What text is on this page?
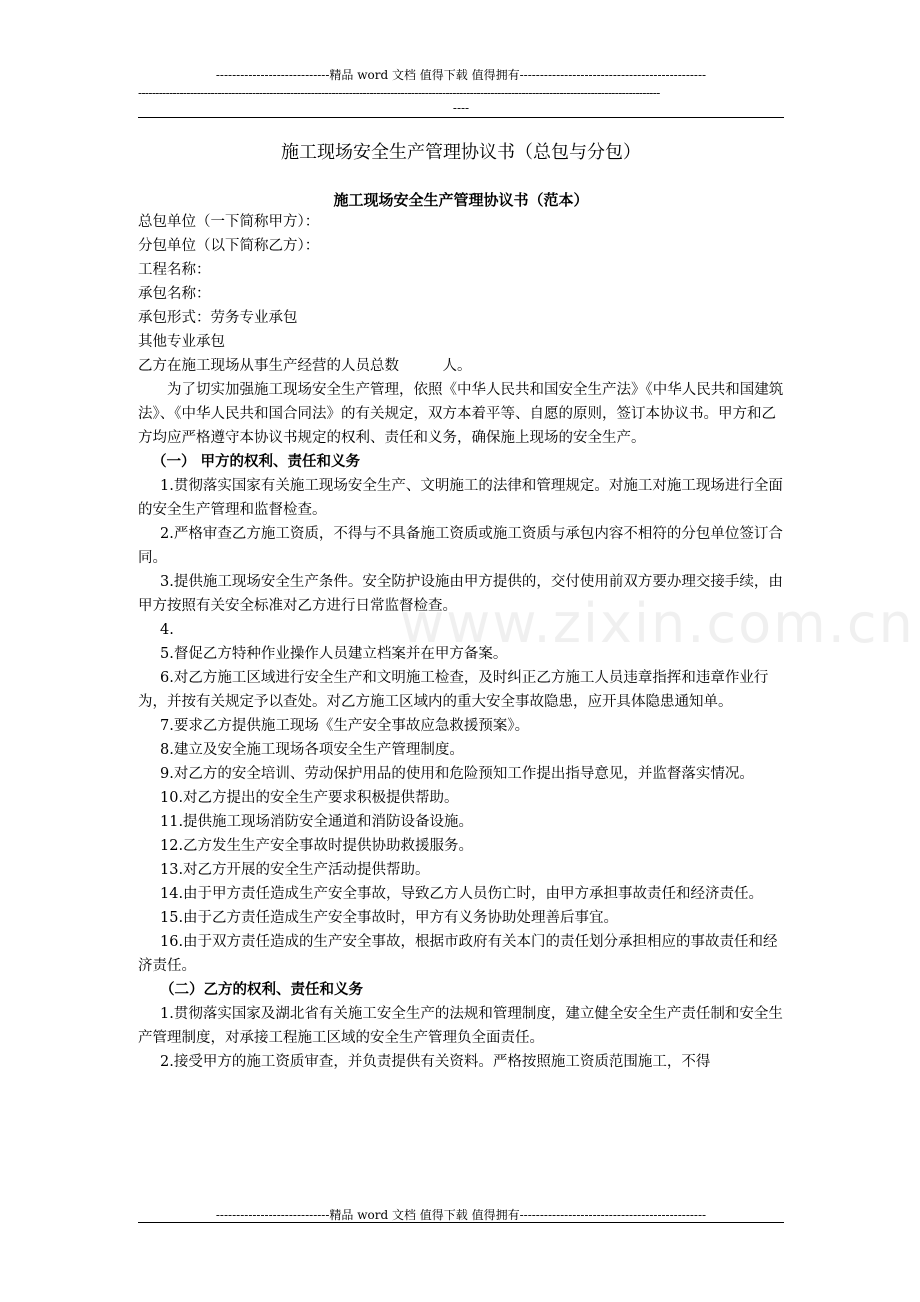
----------------------------精品 word 文档 值得下载 值得拥有----------------------------------------------
-------------------------------------------------------------------------------------------------------------------------------------------------------
----
www.zixin.com.cn
施工现场安全生产管理协议书（总包与分包）
施工现场安全生产管理协议书（范本）

总包单位（一下简称甲方）：

分包单位（以下简称乙方）：

工程名称：

承包名称：

承包形式：劳务专业承包

其他专业承包

乙方在施工现场从事生产经营的人员总数　　　人。

为了切实加强施工现场安全生产管理，依照《中华人民共和国安全生产法》《中华人民共和国建筑法》、《中华人民共和国合同法》的有关规定，双方本着平等、自愿的原则，签订本协议书。甲方和乙方均应严格遵守本协议书规定的权利、责任和义务，确保施上现场的安全生产。

（一） 甲方的权利、责任和义务

1.贯彻落实国家有关施工现场安全生产、文明施工的法律和管理规定。对施工对施工现场进行全面的安全生产管理和监督检查。

2.严格审查乙方施工资质，不得与不具备施工资质或施工资质与承包内容不相符的分包单位签订合同。

3.提供施工现场安全生产条件。安全防护设施由甲方提供的，交付使用前双方要办理交接手续，由甲方按照有关安全标准对乙方进行日常监督检查。

4.

5.督促乙方特种作业操作人员建立档案并在甲方备案。

6.对乙方施工区域进行安全生产和文明施工检查，及时纠正乙方施工人员违章指挥和违章作业行为，并按有关规定予以查处。对乙方施工区域内的重大安全事故隐患，应开具体隐患通知单。

7.要求乙方提供施工现场《生产安全事故应急救援预案》。

8.建立及安全施工现场各项安全生产管理制度。

9.对乙方的安全培训、劳动保护用品的使用和危险预知工作提出指导意见，并监督落实情况。

10.对乙方提出的安全生产要求积极提供帮助。

11.提供施工现场消防安全通道和消防设备设施。

12.乙方发生生产安全事故时提供协助救援服务。

13.对乙方开展的安全生产活动提供帮助。

14.由于甲方责任造成生产安全事故，导致乙方人员伤亡时，由甲方承担事故责任和经济责任。

15.由于乙方责任造成生产安全事故时，甲方有义务协助处理善后事宜。

16.由于双方责任造成的生产安全事故，根据市政府有关本门的责任划分承担相应的事故责任和经济责任。

（二）乙方的权利、责任和义务

1.贯彻落实国家及湖北省有关施工安全生产的法规和管理制度，建立健全安全生产责任制和安全生产管理制度，对承接工程施工区域的安全生产管理负全面责任。

2.接受甲方的施工资质审查，并负责提供有关资料。严格按照施工资质范围施工，不得

----------------------------精品 word 文档 值得下载 值得拥有----------------------------------------------
